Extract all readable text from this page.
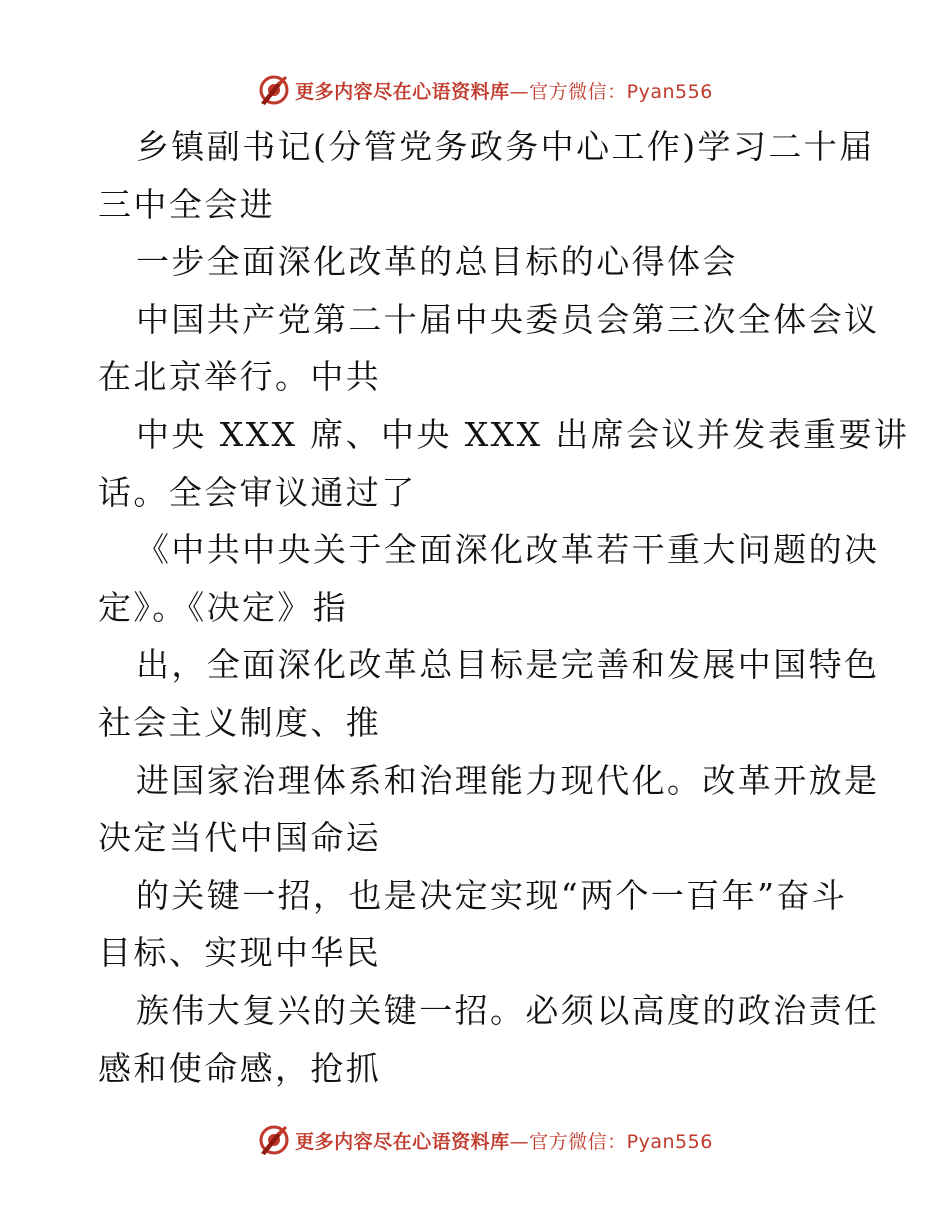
更多内容尽在心语资料库—官方微信：Pyan556
乡镇副书记(分管党务政务中心工作)学习二十届
三中全会进
一步全面深化改革的总目标的心得体会
中国共产党第二十届中央委员会第三次全体会议
在北京举行。中共
中央 XXX 席、中央 XXX 出席会议并发表重要讲
话。全会审议通过了
《中共中央关于全面深化改革若干重大问题的决
定》。《决定》指
出，全面深化改革总目标是完善和发展中国特色
社会主义制度、推
进国家治理体系和治理能力现代化。改革开放是
决定当代中国命运
的关键一招，也是决定实现“两个一百年”奋斗
目标、实现中华民
族伟大复兴的关键一招。必须以高度的政治责任
感和使命感，抢抓
更多内容尽在心语资料库—官方微信：Pyan556
